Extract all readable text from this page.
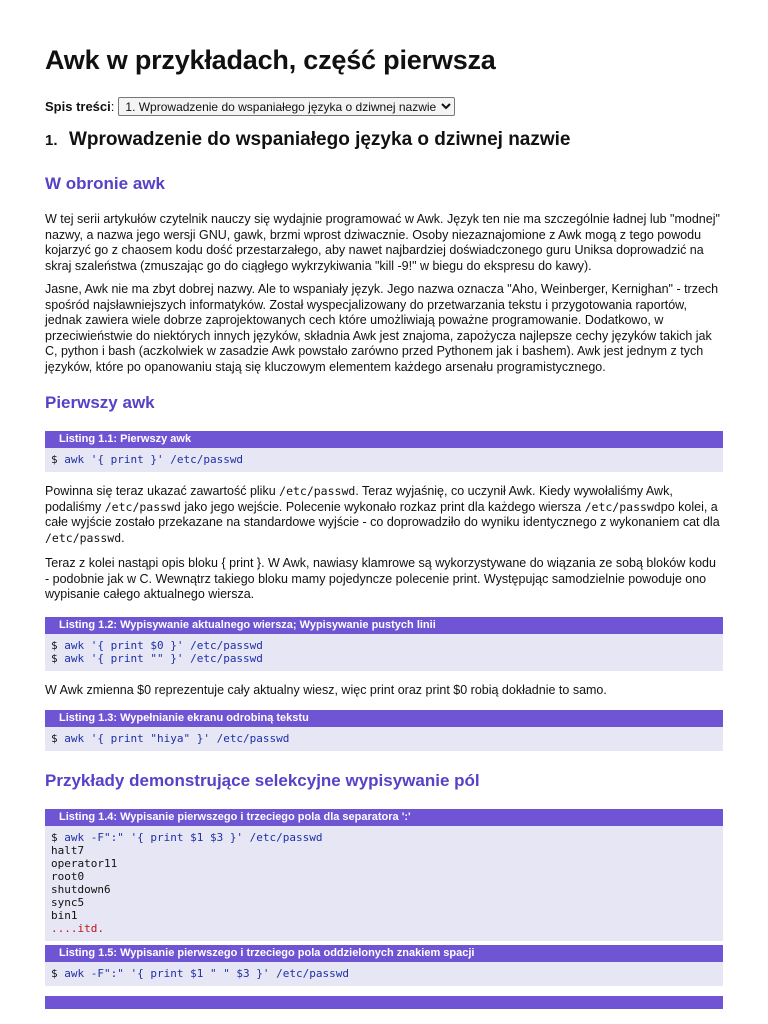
Awk w przykładach, część pierwsza
Spis treści :
1. Wprowadzenie do wspaniałego języka o dziwnej nazwie
1. Wprowadzenie do wspaniałego języka o dziwnej nazwie
W obronie awk

W tej serii artykułów czytelnik nauczy się wydajnie programować w Awk. Język ten nie ma szczególnie ładnej lub "modnej" nazwy, a nazwa jego wersji GNU, gawk, brzmi wprost dziwacznie. Osoby niezaznajomione z Awk mogą z tego powodu kojarzyć go z chaosem kodu dość przestarzałego, aby nawet najbardziej doświadczonego guru Uniksa doprowadzić na skraj szaleństwa (zmuszając go do ciągłego wykrzykiwania "kill -9!" w biegu do ekspresu do kawy).

Jasne, Awk nie ma zbyt dobrej nazwy. Ale to wspaniały język. Jego nazwa oznacza "Aho, Weinberger, Kernighan" - trzech spośród najsławniejszych informatyków. Został wyspecjalizowany do przetwarzania tekstu i przygotowania raportów, jednak zawiera wiele dobrze zaprojektowanych cech które umożliwiają poważne programowanie. Dodatkowo, w przeciwieństwie do niektórych innych języków, składnia Awk jest znajoma, zapożycza najlepsze cechy języków takich jak C, python i bash (aczkolwiek w zasadzie Awk powstało zarówno przed Pythonem jak i bashem). Awk jest jednym z tych języków, które po opanowaniu stają się kluczowym elementem każdego arsenału programistycznego.

Pierwszy awk
Listing 1.1: Pierwszy awk
$ awk '{ print }' /etc/passwd

Powinna się teraz ukazać zawartość pliku /etc/passwd. Teraz wyjaśnię, co uczynił Awk. Kiedy wywołaliśmy Awk, podaliśmy /etc/passwd jako jego wejście. Polecenie wykonało rozkaz print dla każdego wiersza /etc/passwdpo kolei, a całe wyjście zostało przekazane na standardowe wyjście - co doprowadziło do wyniku identycznego z wykonaniem cat dla /etc/passwd.

Teraz z kolei nastąpi opis bloku { print }. W Awk, nawiasy klamrowe są wykorzystywane do wiązania ze sobą bloków kodu - podobnie jak w C. Wewnątrz takiego bloku mamy pojedyncze polecenie print. Występując samodzielnie powoduje ono wypisanie całego aktualnego wiersza.

Listing 1.2: Wypisywanie aktualnego wiersza; Wypisywanie pustych linii
$ awk '{ print $0 }' /etc/passwd
$ awk '{ print "" }' /etc/passwd

W Awk zmienna $0 reprezentuje cały aktualny wiesz, więc print oraz print $0 robią dokładnie to samo.

Listing 1.3: Wypełnianie ekranu odrobiną tekstu
$ awk '{ print "hiya" }' /etc/passwd
Przykłady demonstrujące selekcyjne wypisywanie pól
Listing 1.4: Wypisanie pierwszego i trzeciego pola dla separatora ':'
$ awk -F":" '{ print $1 $3 }' /etc/passwd
halt7
operator11
root0
shutdown6
sync5
bin1
....itd.
Listing 1.5: Wypisanie pierwszego i trzeciego pola oddzielonych znakiem spacji
$ awk -F":" '{ print $1 " " $3 }' /etc/passwd
